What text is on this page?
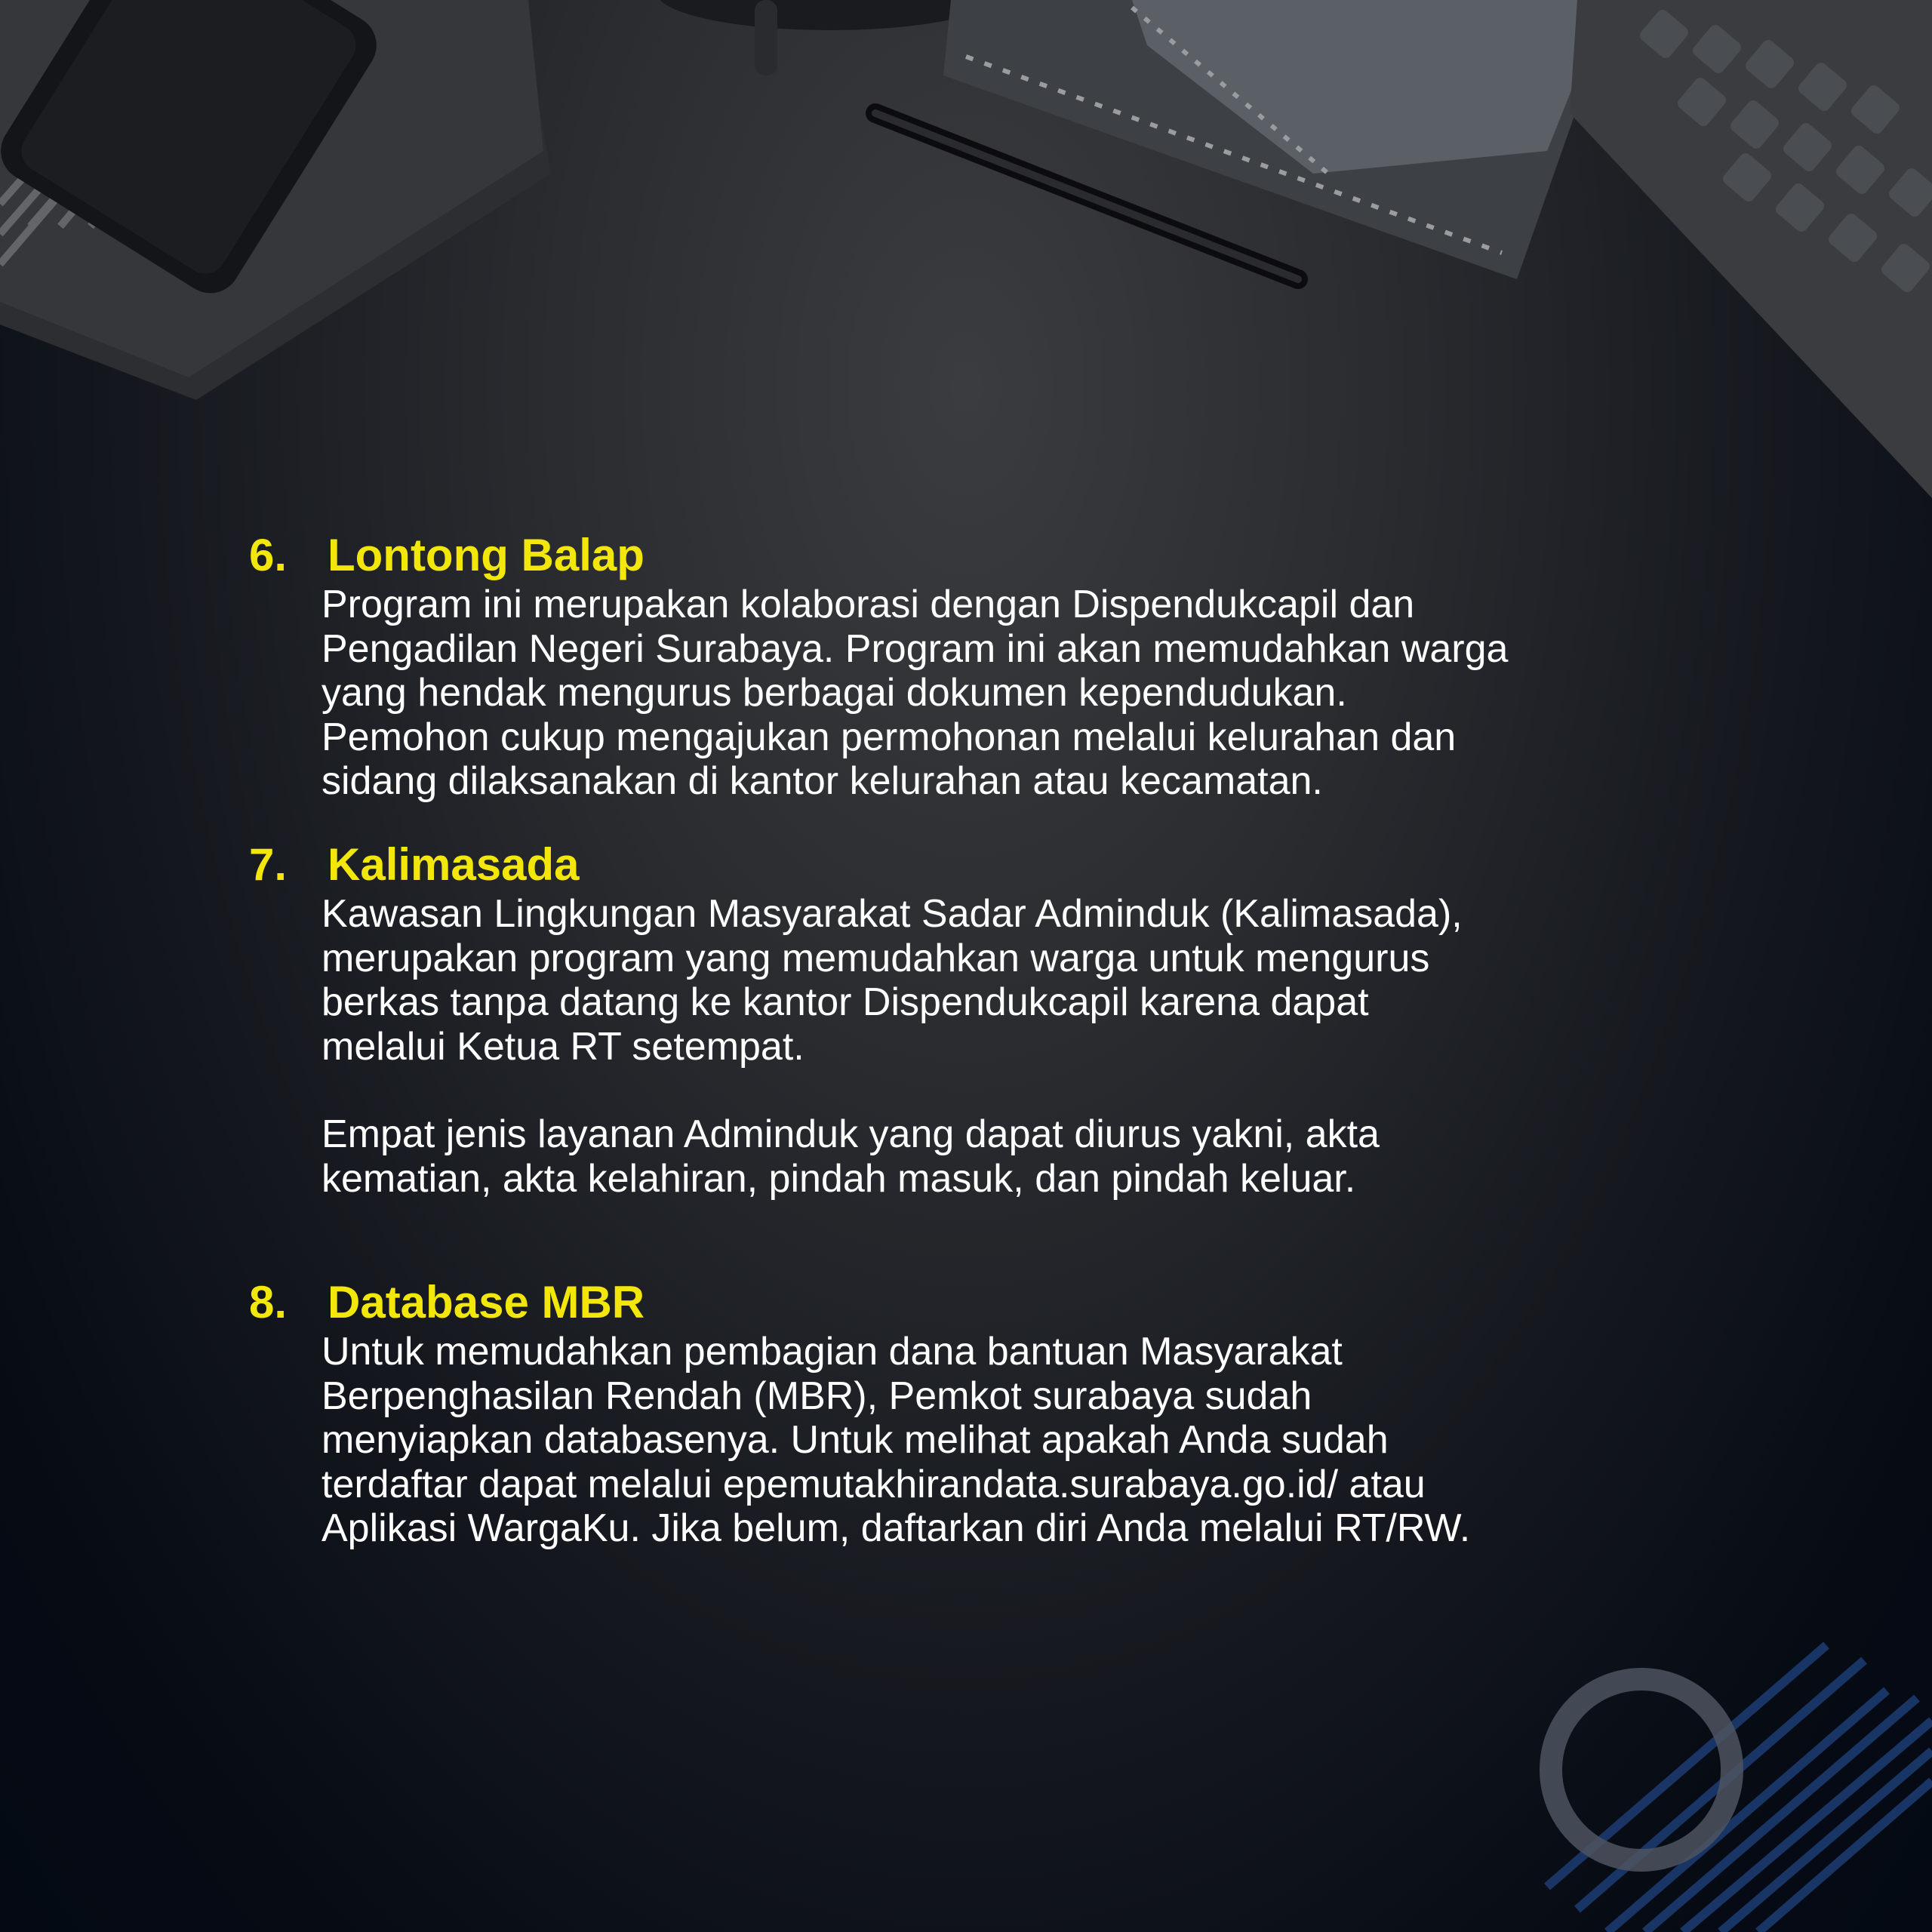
6. Lontong Balap
Program ini merupakan kolaborasi dengan Dispendukcapil dan
Pengadilan Negeri Surabaya. Program ini akan memudahkan warga
yang hendak mengurus berbagai dokumen kependudukan.
Pemohon cukup mengajukan permohonan melalui kelurahan dan
sidang dilaksanakan di kantor kelurahan atau kecamatan.
7. Kalimasada
Kawasan Lingkungan Masyarakat Sadar Adminduk (Kalimasada),
merupakan program yang memudahkan warga untuk mengurus
berkas tanpa datang ke kantor Dispendukcapil karena dapat
melalui Ketua RT setempat.
Empat jenis layanan Adminduk yang dapat diurus yakni, akta
kematian, akta kelahiran, pindah masuk, dan pindah keluar.
8. Database MBR
Untuk memudahkan pembagian dana bantuan Masyarakat
Berpenghasilan Rendah (MBR), Pemkot surabaya sudah
menyiapkan databasenya. Untuk melihat apakah Anda sudah
terdaftar dapat melalui epemutakhirandata.surabaya.go.id/ atau
Aplikasi WargaKu. Jika belum, daftarkan diri Anda melalui RT/RW.
